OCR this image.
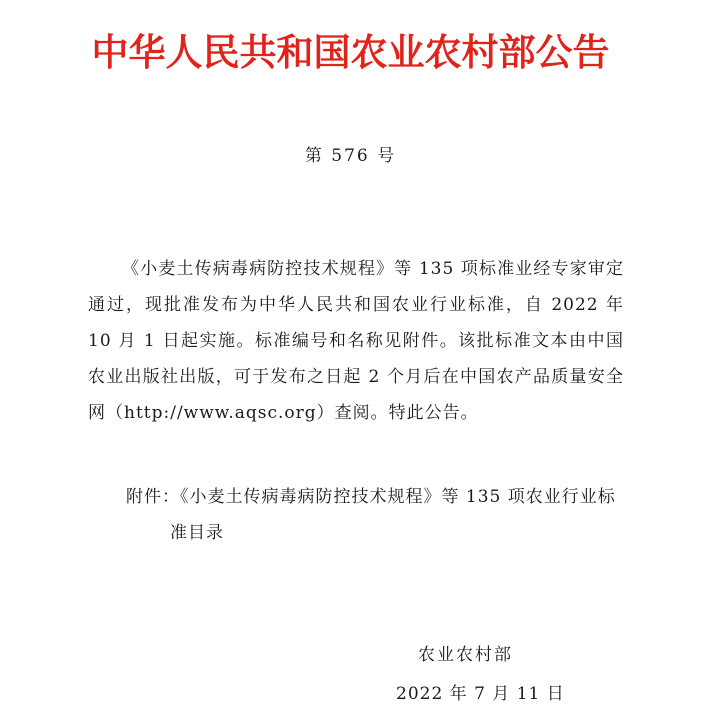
中华人民共和国农业农村部公告
第 576 号

《小麦土传病毒病防控技术规程》等 135 项标准业经专家审定通过，现批准发布为中华人民共和国农业行业标准，自 2022 年 10 月 1 日起实施。标准编号和名称见附件。该批标准文本由中国农业出版社出版，可于发布之日起 2 个月后在中国农产品质量安全网（http://www.aqsc.org）查阅。特此公告。

附件：《小麦土传病毒病防控技术规程》等 135 项农业行业标准目录
农业农村部
2022 年 7 月 11 日
